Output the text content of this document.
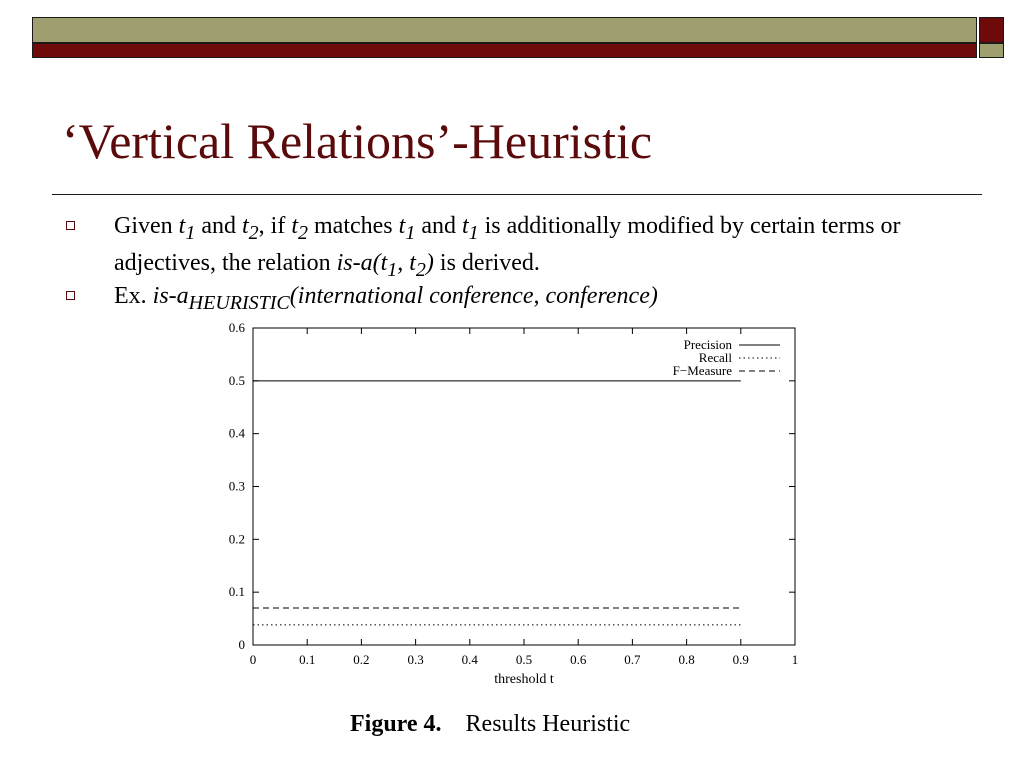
‘Vertical Relations’-Heuristic
Given $t_1$ and $t_2$, if $t_2$ matches $t_1$ and $t_1$ is additionally modified by certain terms or adjectives, the relation $is-a(t_1$, $t_2$) is derived.
Ex. $is-a_{HEURISTIC}(international$ conference, conference)
0	0.1	0.2	0.3	0.4	0.5	0.6	0.7	0.8	0.9	1
0
0.1
0.2
0.3
0.4
0.5
0.6
Precision
Recall
F−Measure
threshold t
Figure 4. Results Heuristic
